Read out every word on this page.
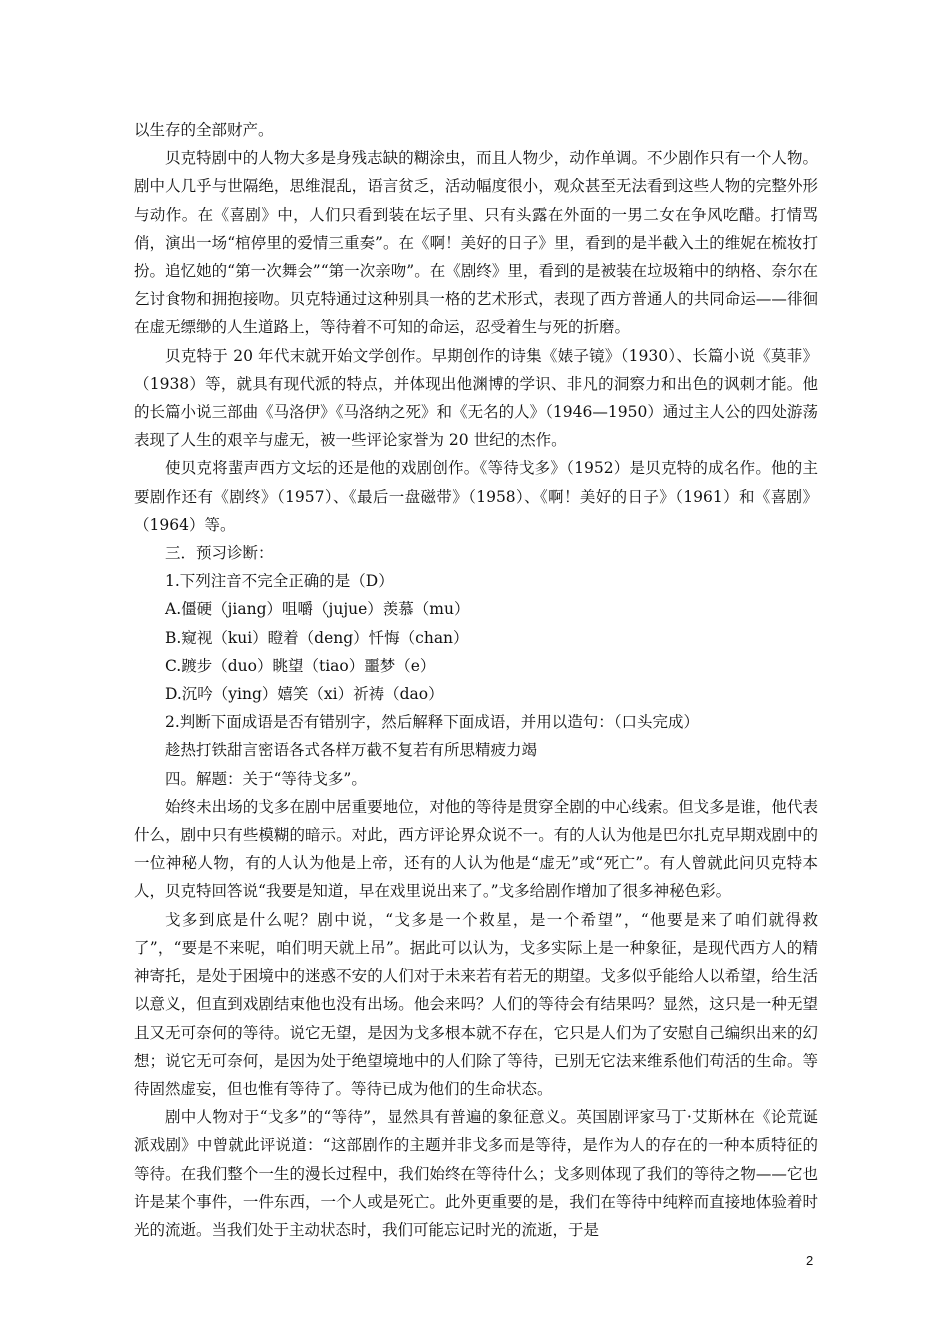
以生存的全部财产。

贝克特剧中的人物大多是身残志缺的糊涂虫，而且人物少，动作单调。不少剧作只有一个人物。剧中人几乎与世隔绝，思维混乱，语言贫乏，活动幅度很小，观众甚至无法看到这些人物的完整外形与动作。在《喜剧》中，人们只看到装在坛子里、只有头露在外面的一男二女在争风吃醋。打情骂俏，演出一场“棺停里的爱情三重奏”。在《啊！美好的日子》里，看到的是半截入土的维妮在梳妆打扮。追忆她的“第一次舞会”“第一次亲吻”。在《剧终》里，看到的是被装在垃圾箱中的纳格、奈尔在乞讨食物和拥抱接吻。贝克特通过这种别具一格的艺术形式，表现了西方普通人的共同命运——徘徊在虚无缥缈的人生道路上，等待着不可知的命运，忍受着生与死的折磨。

贝克特于 20 年代末就开始文学创作。早期创作的诗集《婊子镜》（1930）、长篇小说《莫菲》（1938）等，就具有现代派的特点，并体现出他渊博的学识、非凡的洞察力和出色的讽刺才能。他的长篇小说三部曲《马洛伊》《马洛纳之死》和《无名的人》（1946—1950）通过主人公的四处游荡表现了人生的艰辛与虚无，被一些评论家誉为 20 世纪的杰作。

使贝克将蜚声西方文坛的还是他的戏剧创作。《等待戈多》（1952）是贝克特的成名作。他的主要剧作还有《剧终》（1957）、《最后一盘磁带》（1958）、《啊！美好的日子》（1961）和《喜剧》（1964）等。

三．预习诊断：

1.下列注音不完全正确的是（D）

A.僵硬（jiang）咀嚼（jujue）羡慕（mu）

B.窥视（kui）瞪着（deng）忏悔（chan）

C.踱步（duo）眺望（tiao）噩梦（e）

D.沉吟（ying）嬉笑（xi）祈祷（dao）

2.判断下面成语是否有错别字，然后解释下面成语，并用以造句：（口头完成）

趁热打铁甜言密语各式各样万截不复若有所思精疲力竭

四。解题：关于“等待戈多”。

始终未出场的戈多在剧中居重要地位，对他的等待是贯穿全剧的中心线索。但戈多是谁，他代表什么，剧中只有些模糊的暗示。对此，西方评论界众说不一。有的人认为他是巴尔扎克早期戏剧中的一位神秘人物，有的人认为他是上帝，还有的人认为他是“虚无”或“死亡”。有人曾就此问贝克特本人，贝克特回答说“我要是知道，早在戏里说出来了。”戈多给剧作增加了很多神秘色彩。

戈多到底是什么呢？剧中说，“戈多是一个救星，是一个希望”，“他要是来了咱们就得救了”，“要是不来呢，咱们明天就上吊”。据此可以认为，戈多实际上是一种象征，是现代西方人的精神寄托，是处于困境中的迷惑不安的人们对于未来若有若无的期望。戈多似乎能给人以希望，给生活以意义，但直到戏剧结束他也没有出场。他会来吗？人们的等待会有结果吗？显然，这只是一种无望且又无可奈何的等待。说它无望，是因为戈多根本就不存在，它只是人们为了安慰自己编织出来的幻想；说它无可奈何，是因为处于绝望境地中的人们除了等待，已别无它法来维系他们苟活的生命。等待固然虚妄，但也惟有等待了。等待已成为他们的生命状态。

剧中人物对于“戈多”的“等待”，显然具有普遍的象征意义。英国剧评家马丁·艾斯林在《论荒诞派戏剧》中曾就此评说道：“这部剧作的主题并非戈多而是等待，是作为人的存在的一种本质特征的等待。在我们整个一生的漫长过程中，我们始终在等待什么；戈多则体现了我们的等待之物——它也许是某个事件，一件东西，一个人或是死亡。此外更重要的是，我们在等待中纯粹而直接地体验着时光的流逝。当我们处于主动状态时，我们可能忘记时光的流逝，于是

2
